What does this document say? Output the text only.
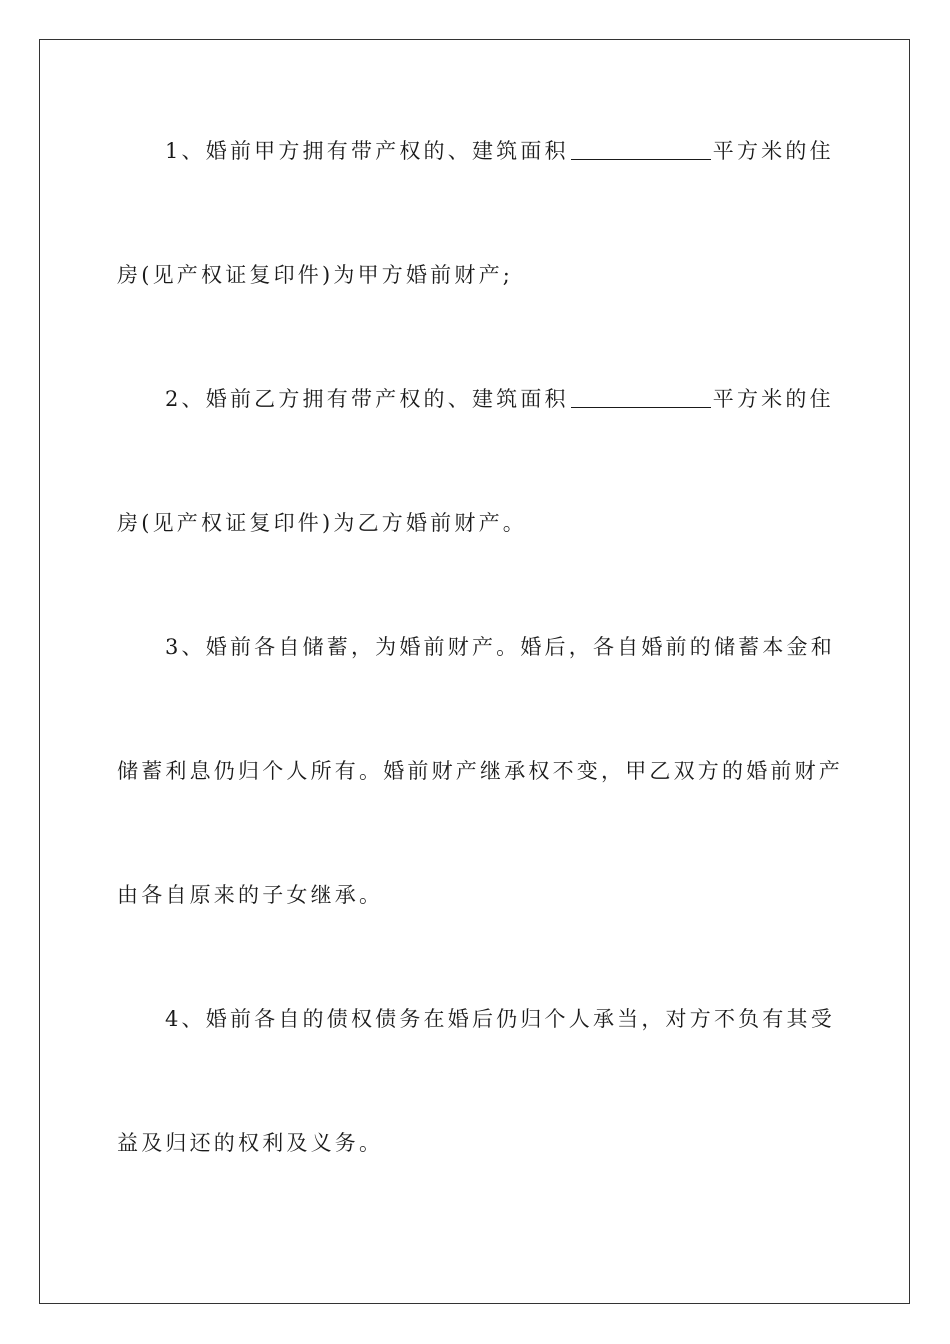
1、婚前甲方拥有带产权的、建筑面积	平方米的住
房(见产权证复印件)为甲方婚前财产;
2、婚前乙方拥有带产权的、建筑面积	平方米的住
房(见产权证复印件)为乙方婚前财产。
3、婚前各自储蓄，为婚前财产。婚后，各自婚前的储蓄本金和
储蓄利息仍归个人所有。婚前财产继承权不变，甲乙双方的婚前财产
由各自原来的子女继承。
4、婚前各自的债权债务在婚后仍归个人承当，对方不负有其受
益及归还的权利及义务。
